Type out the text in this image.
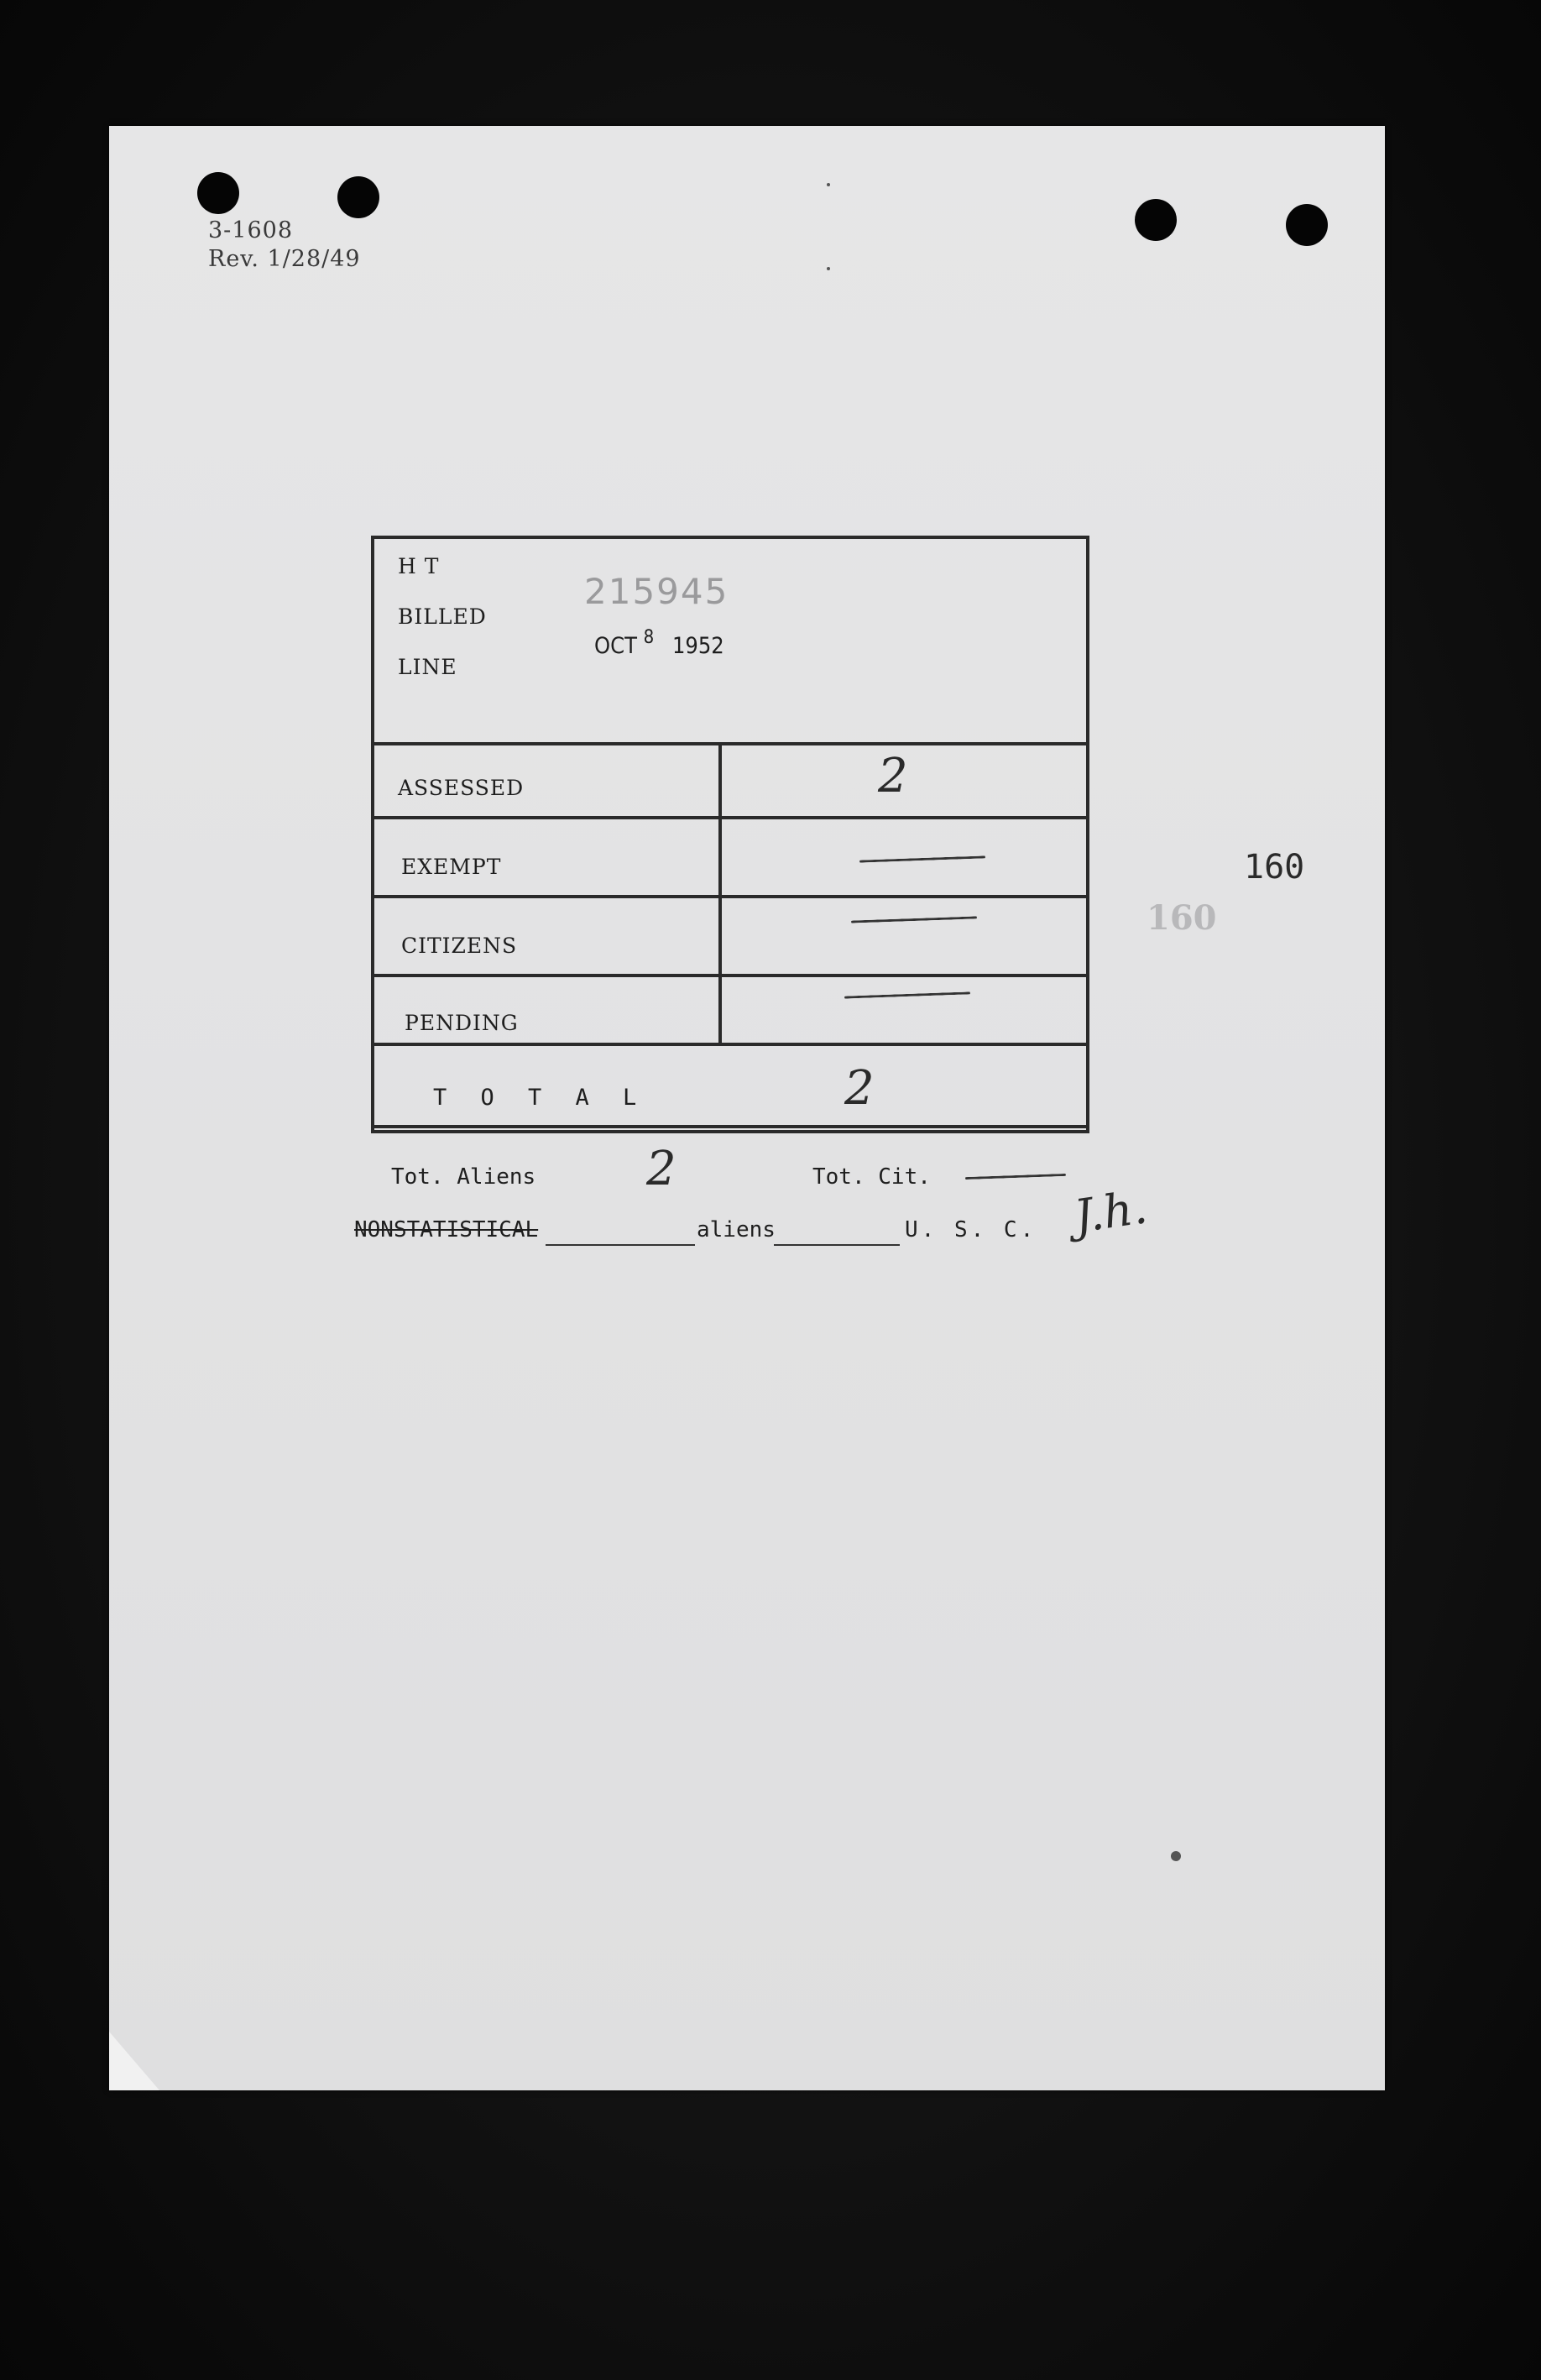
3-1608
Rev. 1/28/49
H T
BILLED
LINE
215945
OCT $^8$ 1952
ASSESSED	2
EXEMPT
CITIZENS
PENDING
T O T A L	2
Tot. Aliens 2	Tot. Cit.
NONSTATISTICAL	aliens	U. S. C. J.h.
160
160
